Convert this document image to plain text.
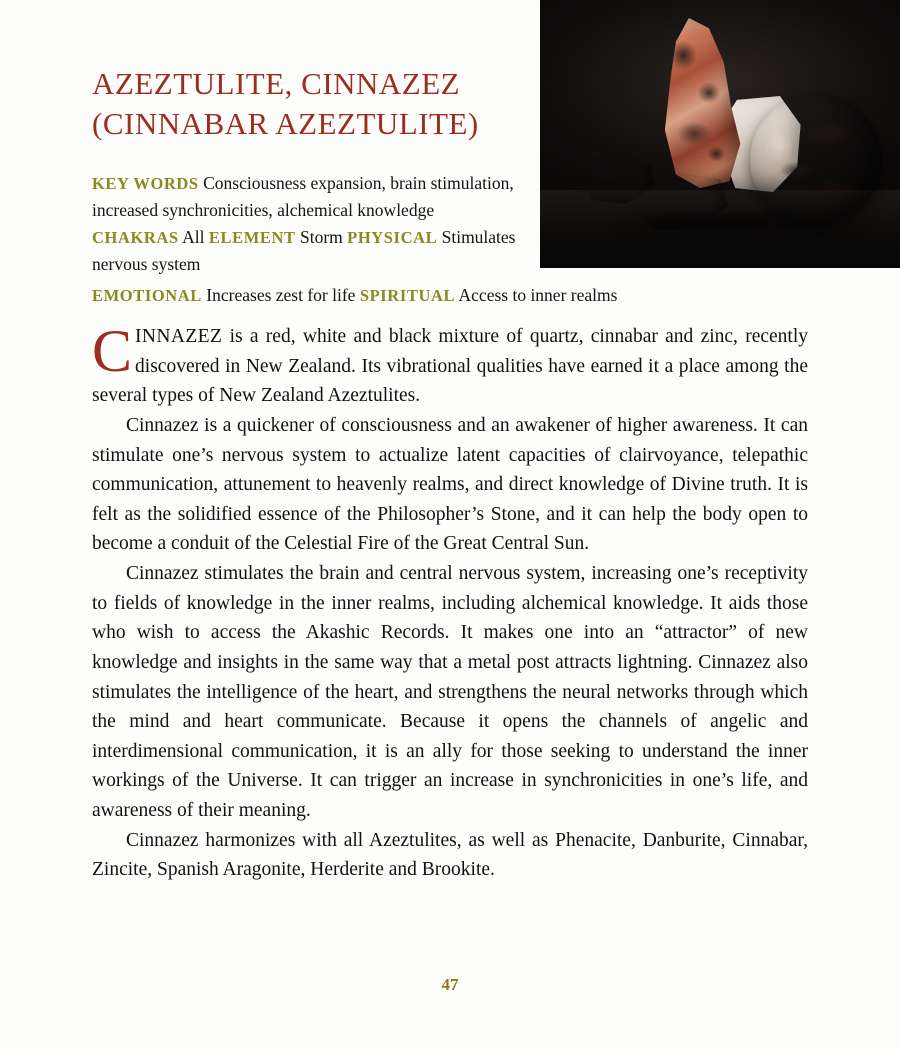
AZEZTULITE, CINNAZEZ
(CINNABAR AZEZTULITE)
KEY WORDS Consciousness expansion, brain stimulation, increased synchronicities, alchemical knowledge CHAKRAS All ELEMENT Storm PHYSICAL Stimulates nervous system
EMOTIONAL Increases zest for life SPIRITUAL Access to inner realms

CINNAZEZ is a red, white and black mixture of quartz, cinnabar and zinc, recently discovered in New Zealand. Its vibrational qualities have earned it a place among the several types of New Zealand Azeztulites.

Cinnazez is a quickener of consciousness and an awakener of higher awareness. It can stimulate one’s nervous system to actualize latent capacities of clairvoyance, telepathic communication, attunement to heavenly realms, and direct knowledge of Divine truth. It is felt as the solidified essence of the Philosopher’s Stone, and it can help the body open to become a conduit of the Celestial Fire of the Great Central Sun.

Cinnazez stimulates the brain and central nervous system, increasing one’s receptivity to fields of knowledge in the inner realms, including alchemical knowledge. It aids those who wish to access the Akashic Records. It makes one into an “attractor” of new knowledge and insights in the same way that a metal post attracts lightning. Cinnazez also stimulates the intelligence of the heart, and strengthens the neural networks through which the mind and heart communicate. Because it opens the channels of angelic and interdimensional communication, it is an ally for those seeking to understand the inner workings of the Universe. It can trigger an increase in synchronicities in one’s life, and awareness of their meaning.

Cinnazez harmonizes with all Azeztulites, as well as Phenacite, Danburite, Cinnabar, Zincite, Spanish Aragonite, Herderite and Brookite.

47
